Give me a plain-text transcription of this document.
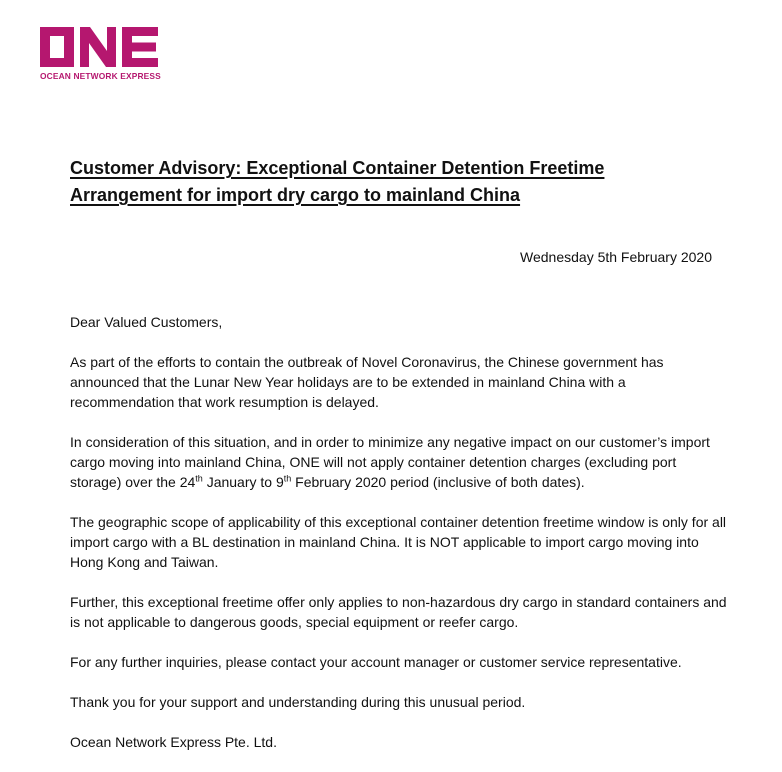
OCEAN NETWORK EXPRESS
Customer Advisory: Exceptional Container Detention Freetime
Arrangement for import dry cargo to mainland China
Wednesday 5th February 2020

Dear Valued Customers,

As part of the efforts to contain the outbreak of Novel Coronavirus, the Chinese government has announced that the Lunar New Year holidays are to be extended in mainland China with a recommendation that work resumption is delayed.

In consideration of this situation, and in order to minimize any negative impact on our customer’s import cargo moving into mainland China, ONE will not apply container detention charges (excluding port storage) over the 24th January to 9th February 2020 period (inclusive of both dates).

The geographic scope of applicability of this exceptional container detention freetime window is only for all import cargo with a BL destination in mainland China. It is NOT applicable to import cargo moving into Hong Kong and Taiwan.

Further, this exceptional freetime offer only applies to non-hazardous dry cargo in standard containers and is not applicable to dangerous goods, special equipment or reefer cargo.

For any further inquiries, please contact your account manager or customer service representative.

Thank you for your support and understanding during this unusual period.

Ocean Network Express Pte. Ltd.
